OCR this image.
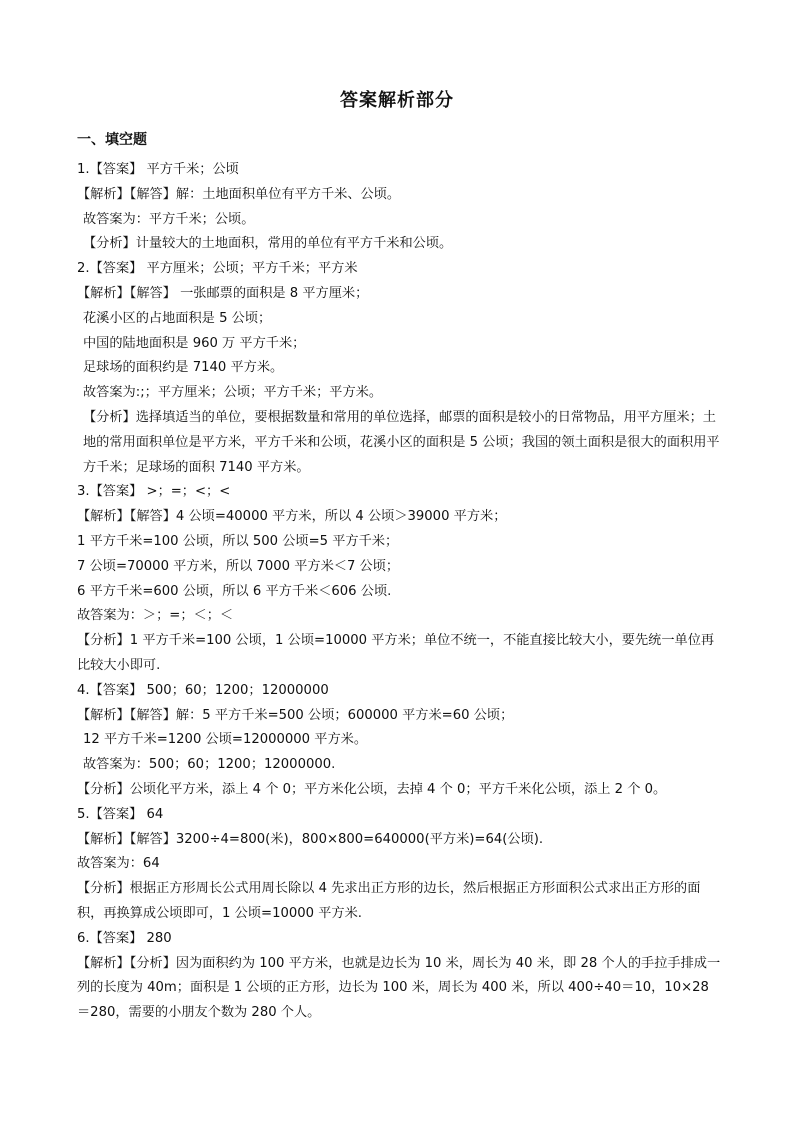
答案解析部分
一、填空题
1.【答案】 平方千米；公顷
【解析】【解答】解：土地面积单位有平方千米、公顷。
故答案为：平方千米；公顷。
【分析】计量较大的土地面积，常用的单位有平方千米和公顷。
2.【答案】 平方厘米；公顷；平方千米；平方米
【解析】【解答】 一张邮票的面积是 8 平方厘米；
花溪小区的占地面积是 5 公顷；
中国的陆地面积是 960 万 平方千米；
足球场的面积约是 7140 平方米。
故答案为:;；平方厘米；公顷；平方千米；平方米。
【分析】选择填适当的单位，要根据数量和常用的单位选择，邮票的面积是较小的日常物品，用平方厘米；土地的常用面积单位是平方米，平方千米和公顷，花溪小区的面积是 5 公顷；我国的领土面积是很大的面积用平方千米；足球场的面积 7140 平方米。
3.【答案】 >；=；<；<
【解析】【解答】4 公顷=40000 平方米，所以 4 公顷＞39000 平方米；
1 平方千米=100 公顷，所以 500 公顷=5 平方千米；
7 公顷=70000 平方米，所以 7000 平方米＜7 公顷；
6 平方千米=600 公顷，所以 6 平方千米＜606 公顷.
故答案为：＞；=；＜；＜
【分析】1 平方千米=100 公顷，1 公顷=10000 平方米；单位不统一，不能直接比较大小，要先统一单位再比较大小即可.
4.【答案】 500；60；1200；12000000
【解析】【解答】解：5 平方千米=500 公顷；600000 平方米=60 公顷；
12 平方千米=1200 公顷=12000000 平方米。
故答案为：500；60；1200；12000000.
【分析】公顷化平方米，添上 4 个 0；平方米化公顷，去掉 4 个 0；平方千米化公顷，添上 2 个 0。
5.【答案】 64
【解析】【解答】3200÷4=800(米)，800×800=640000(平方米)=64(公顷).
故答案为：64
【分析】根据正方形周长公式用周长除以 4 先求出正方形的边长，然后根据正方形面积公式求出正方形的面积，再换算成公顷即可，1 公顷=10000 平方米.
6.【答案】 280
【解析】【分析】因为面积约为 100 平方米，也就是边长为 10 米，周长为 40 米，即 28 个人的手拉手排成一列的长度为 40m；面积是 1 公顷的正方形，边长为 100 米，周长为 400 米，所以 400÷40＝10，10×28＝280，需要的小朋友个数为 280 个人。
